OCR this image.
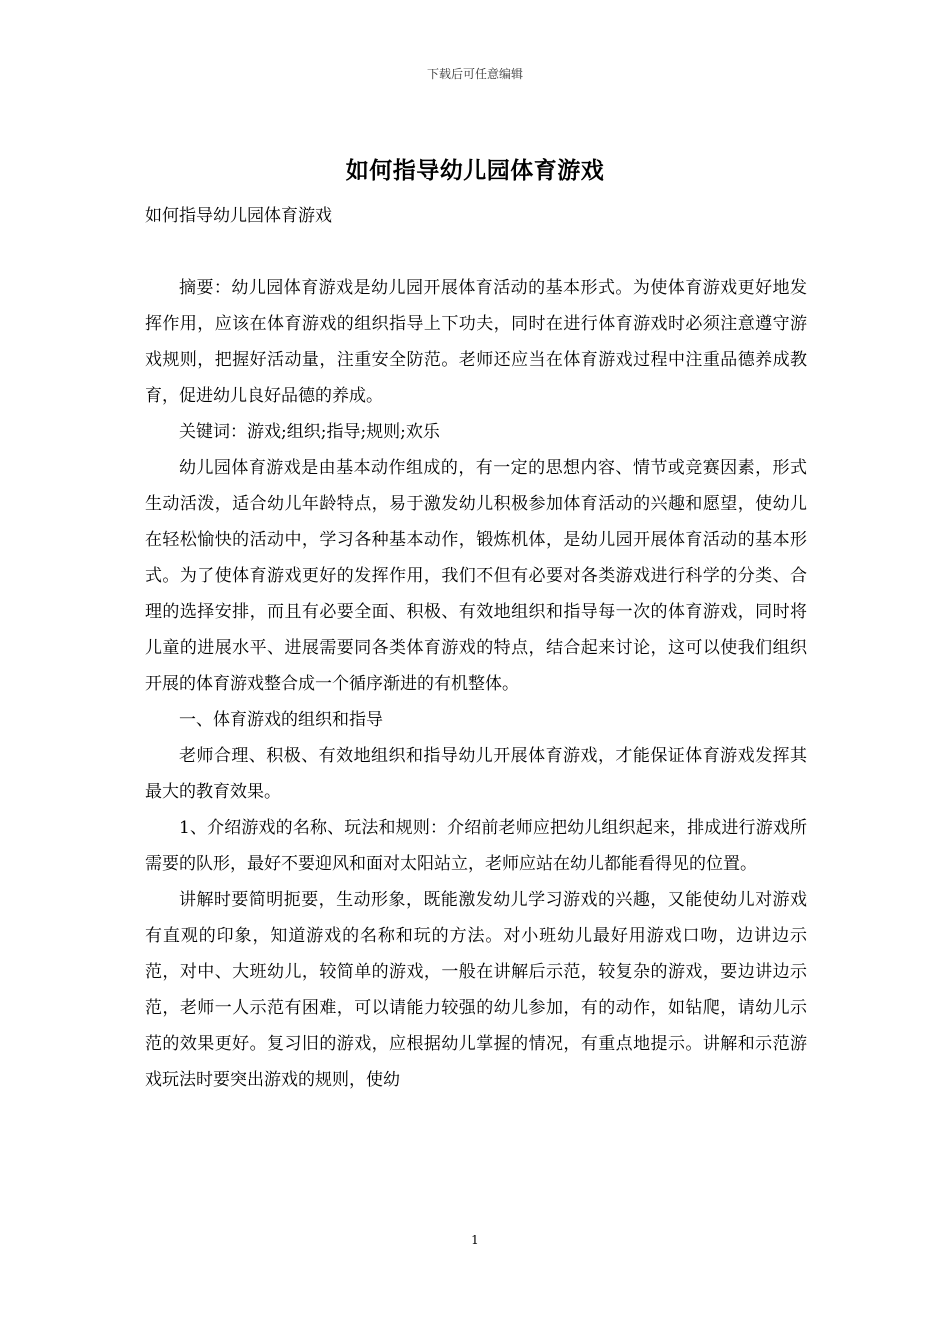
下载后可任意编辑
如何指导幼儿园体育游戏

如何指导幼儿园体育游戏

摘要：幼儿园体育游戏是幼儿园开展体育活动的基本形式。为使体育游戏更好地发挥作用，应该在体育游戏的组织指导上下功夫，同时在进行体育游戏时必须注意遵守游戏规则，把握好活动量，注重安全防范。老师还应当在体育游戏过程中注重品德养成教育，促进幼儿良好品德的养成。

关键词：游戏;组织;指导;规则;欢乐

幼儿园体育游戏是由基本动作组成的，有一定的思想内容、情节或竞赛因素，形式生动活泼，适合幼儿年龄特点，易于激发幼儿积极参加体育活动的兴趣和愿望，使幼儿在轻松愉快的活动中，学习各种基本动作，锻炼机体，是幼儿园开展体育活动的基本形式。为了使体育游戏更好的发挥作用，我们不但有必要对各类游戏进行科学的分类、合理的选择安排，而且有必要全面、积极、有效地组织和指导每一次的体育游戏，同时将儿童的进展水平、进展需要同各类体育游戏的特点，结合起来讨论，这可以使我们组织开展的体育游戏整合成一个循序渐进的有机整体。

一、体育游戏的组织和指导

老师合理、积极、有效地组织和指导幼儿开展体育游戏，才能保证体育游戏发挥其最大的教育效果。

1、介绍游戏的名称、玩法和规则：介绍前老师应把幼儿组织起来，排成进行游戏所需要的队形，最好不要迎风和面对太阳站立，老师应站在幼儿都能看得见的位置。

讲解时要简明扼要，生动形象，既能激发幼儿学习游戏的兴趣，又能使幼儿对游戏有直观的印象，知道游戏的名称和玩的方法。对小班幼儿最好用游戏口吻，边讲边示范，对中、大班幼儿，较简单的游戏，一般在讲解后示范，较复杂的游戏，要边讲边示范，老师一人示范有困难，可以请能力较强的幼儿参加，有的动作，如钻爬，请幼儿示范的效果更好。复习旧的游戏，应根据幼儿掌握的情况，有重点地提示。讲解和示范游戏玩法时要突出游戏的规则，使幼

1
